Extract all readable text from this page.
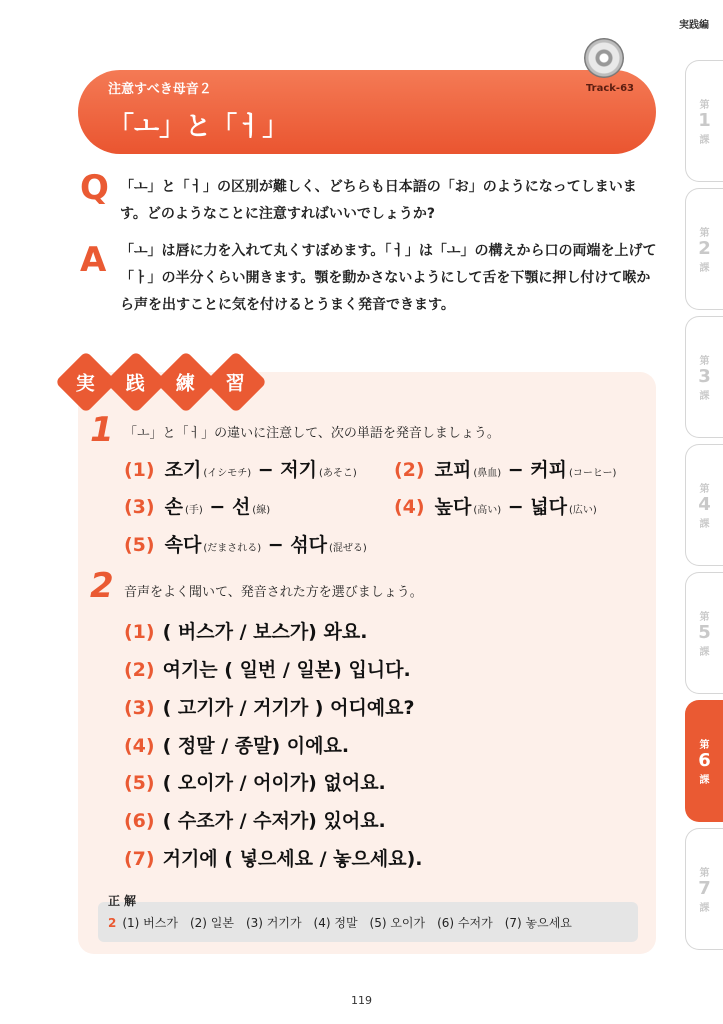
実践編
第
1
課
第
2
課
第
3
課
第
4
課
第
5
課
第
6
課
第
7
課
注意すべき母音２	Track-63
「ㅗ」と「ㅓ」
Q 「ㅗ」と「ㅓ」の区別が難しく、どちらも日本語の「お」のようになってしまいます。どのようなことに注意すればいいでしょうか?
A 「ㅗ」は唇に力を入れて丸くすぼめます。「ㅓ」は「ㅗ」の構えから口の両端を上げて「ㅏ」の半分くらい開きます。顎を動かさないようにして舌を下顎に押し付けて喉から声を出すことに気を付けるとうまく発音できます。
実 践 練 習
1 「ㅗ」と「ㅓ」の違いに注意して、次の単語を発音しましょう。
(1) 조기 (イシモチ) − 저기 (あそこ) (2) 코피 (鼻血) − 커피 (コーヒー)
(3) 손 (手) − 선 (線)	(4) 높다 (高い) − 넓다 (広い)
(5) 속다 (だまされる) − 섞다 (混ぜる)
2 音声をよく聞いて、発音された方を選びましょう。
(1) ( 버스가 / 보스가) 와요.
(2) 여기는 ( 일번 / 일본) 입니다.
(3) ( 고기가 / 거기가 ) 어디예요?
(4) ( 정말 / 종말) 이에요.
(5) ( 오이가 / 어이가) 없어요.
(6) ( 수조가 / 수저가) 있어요.
(7) 거기에 ( 넣으세요 / 놓으세요).
正解
2 (1) 버스가　(2) 일본　(3) 거기가　(4) 정말　(5) 오이가　(6) 수저가　(7) 놓으세요
119
